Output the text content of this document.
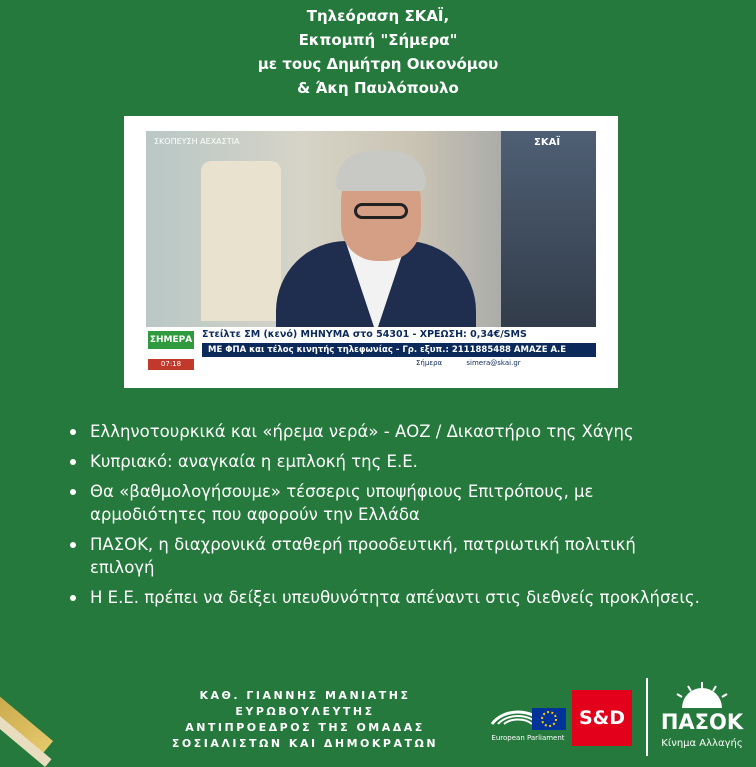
Τηλεόραση ΣΚΑΪ,
Εκπομπή "Σήμερα"
με τους Δημήτρη Οικονόμου
& Άκη Παυλόπουλο
ΣΚΟΠΕΥΣΗ ΑΕΧΑΣΤΙΑ	ΣΚΑΪ
ΣΗΜΕΡΑ Στείλτε ΣΜ (κενό) ΜΗΝΥΜΑ στο 54301 - ΧΡΕΩΣΗ: 0,34€/SMS
ΜΕ ΦΠΑ και τέλος κινητής τηλεφωνίας - Γρ. εξυπ.: 2111885488 ΑΜΑΖΕ Α.Ε
07:18	Σήμερα	simera@skai.gr
Ελληνοτουρκικά και «ήρεμα νερά» - ΑΟΖ / Δικαστήριο της Χάγης
Κυπριακό: αναγκαία η εμπλοκή της Ε.Ε.
Θα «βαθμολογήσουμε» τέσσερις υποψήφιους Επιτρόπους, με αρμοδιότητες που αφορούν την Ελλάδα
ΠΑΣΟΚ, η διαχρονικά σταθερή προοδευτική, πατριωτική πολιτική επιλογή
Η Ε.Ε. πρέπει να δείξει υπευθυνότητα απέναντι στις διεθνείς προκλήσεις.
ΚΑΘ. ΓΙΑΝΝΗΣ ΜΑΝΙΑΤΗΣ
ΕΥΡΩΒΟΥΛΕΥΤΗΣ
ΑΝΤΙΠΡΟΕΔΡΟΣ ΤΗΣ ΟΜΑΔΑΣ
ΣΟΣΙΑΛΙΣΤΩΝ ΚΑΙ ΔΗΜΟΚΡΑΤΩΝ	European Parliament
S&D	ΠΑΣΟΚ
Κίνημα Αλλαγής
